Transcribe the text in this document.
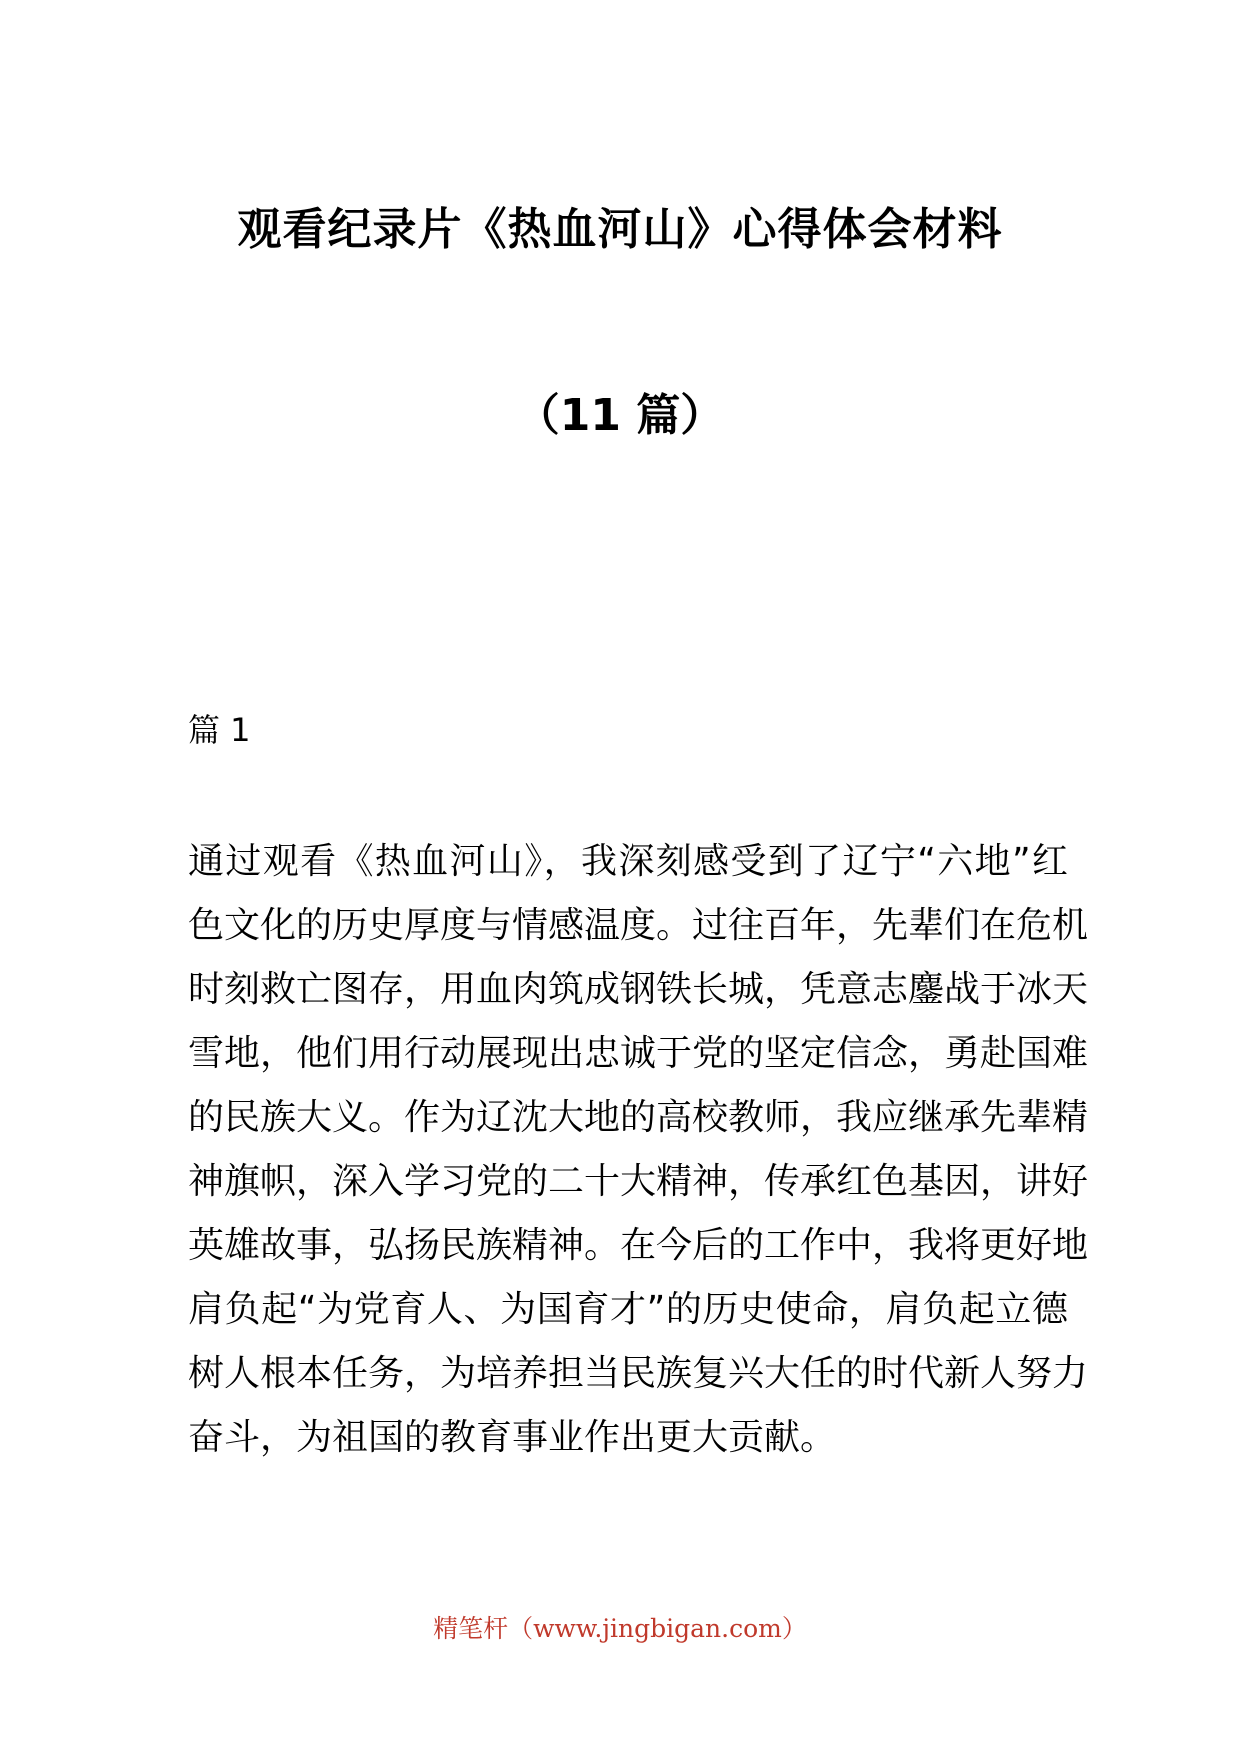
观看纪录片《热血河山》心得体会材料
（11 篇）
篇 1
通过观看《热血河山》，我深刻感受到了辽宁“六地”红
色文化的历史厚度与情感温度。过往百年，先辈们在危机
时刻救亡图存，用血肉筑成钢铁长城，凭意志鏖战于冰天
雪地，他们用行动展现出忠诚于党的坚定信念，勇赴国难
的民族大义。作为辽沈大地的高校教师，我应继承先辈精
神旗帜，深入学习党的二十大精神，传承红色基因，讲好
英雄故事，弘扬民族精神。在今后的工作中，我将更好地
肩负起“为党育人、为国育才”的历史使命，肩负起立德
树人根本任务，为培养担当民族复兴大任的时代新人努力
奋斗，为祖国的教育事业作出更大贡献。
精笔杆（www.jingbigan.com）
